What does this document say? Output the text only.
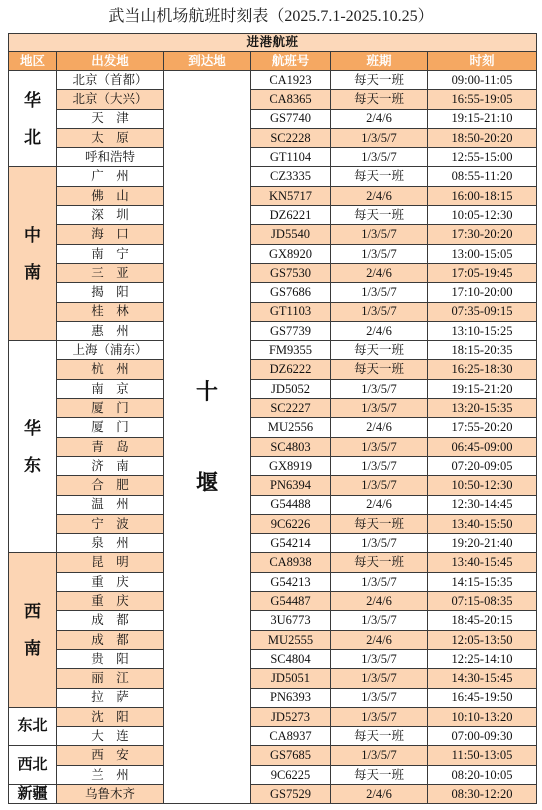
武当山机场航班时刻表（2025.7.1-2025.10.25）
进港航班
地区	出发地	到达地	航班号	班期	时刻
十堰
华北
北京（首都）	CA1923	每天一班	09:00-11:05
北京（大兴）	CA8365	每天一班	16:55-19:05
天　津	GS7740	2/4/6	19:15-21:10
太　原	SC2228	1/3/5/7	18:50-20:20
呼和浩特	GT1104	1/3/5/7	12:55-15:00
中南
广　州	CZ3335	每天一班	08:55-11:20
佛　山	KN5717	2/4/6	16:00-18:15
深　圳	DZ6221	每天一班	10:05-12:30
海　口	JD5540	1/3/5/7	17:30-20:20
南　宁	GX8920	1/3/5/7	13:00-15:05
三　亚	GS7530	2/4/6	17:05-19:45
揭　阳	GS7686	1/3/5/7	17:10-20:00
桂　林	GT1103	1/3/5/7	07:35-09:15
惠　州	GS7739	2/4/6	13:10-15:25
华东
上海（浦东）	FM9355	每天一班	18:15-20:35
杭　州	DZ6222	每天一班	16:25-18:30
南　京	JD5052	1/3/5/7	19:15-21:20
厦　门	SC2227	1/3/5/7	13:20-15:35
厦　门	MU2556	2/4/6	17:55-20:20
青　岛	SC4803	1/3/5/7	06:45-09:00
济　南	GX8919	1/3/5/7	07:20-09:05
合　肥	PN6394	1/3/5/7	10:50-12:30
温　州	G54488	2/4/6	12:30-14:45
宁　波	9C6226	每天一班	13:40-15:50
泉　州	G54214	1/3/5/7	19:20-21:40
西南
昆　明	CA8938	每天一班	13:40-15:45
重　庆	G54213	1/3/5/7	14:15-15:35
重　庆	G54487	2/4/6	07:15-08:35
成　都	3U6773	1/3/5/7	18:45-20:15
成　都	MU2555	2/4/6	12:05-13:50
贵　阳	SC4804	1/3/5/7	12:25-14:10
丽　江	JD5051	1/3/5/7	14:30-15:45
拉　萨	PN6393	1/3/5/7	16:45-19:50
东北
沈　阳	JD5273	1/3/5/7	10:10-13:20
大　连	CA8937	每天一班	07:00-09:30
西北
西　安	GS7685	1/3/5/7	11:50-13:05
兰　州	9C6225	每天一班	08:20-10:05
新疆	乌鲁木齐	GS7529	2/4/6	08:30-12:20
